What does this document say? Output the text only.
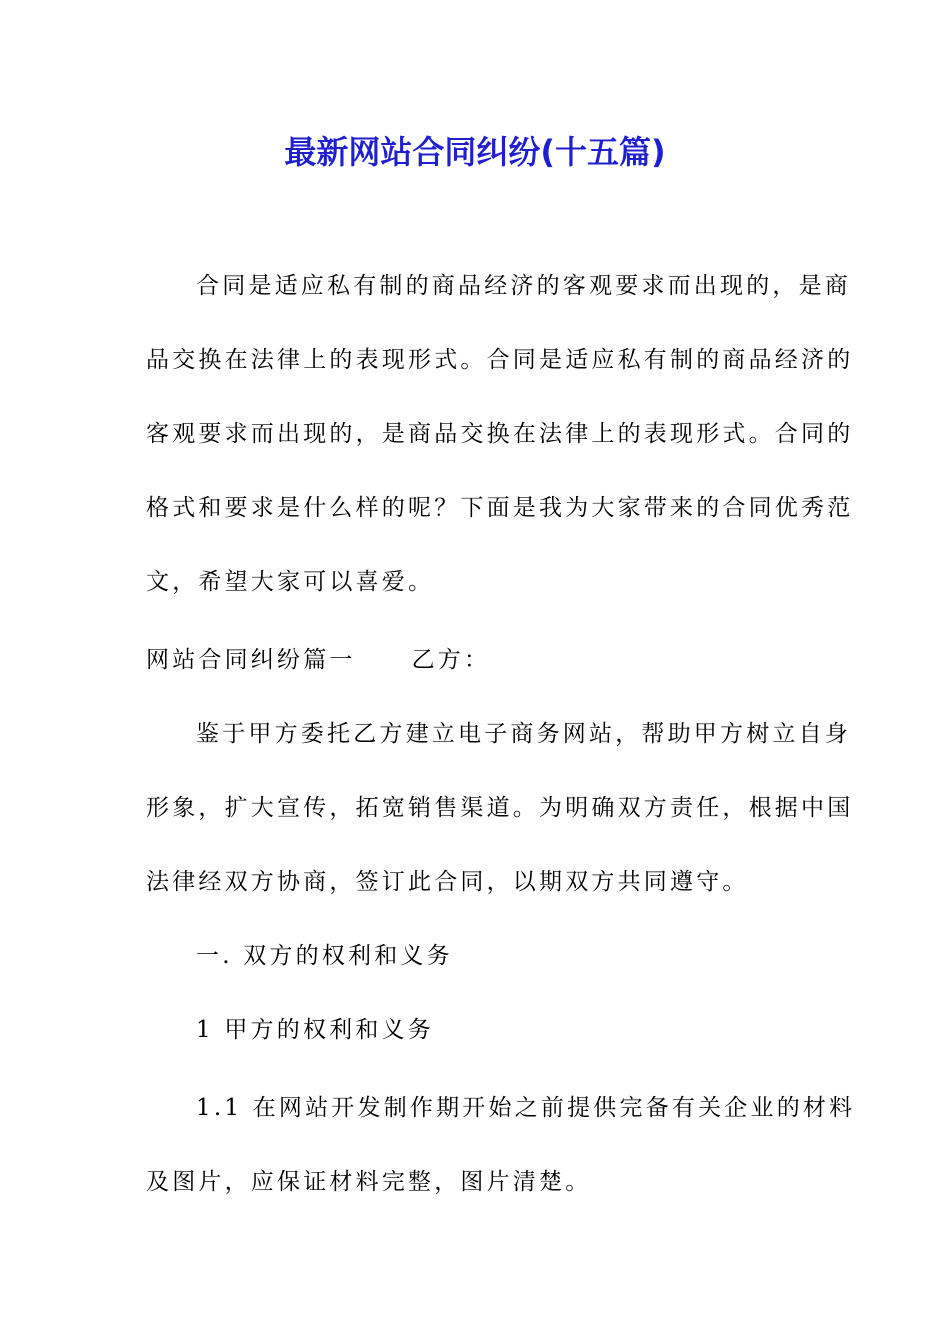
最新网站合同纠纷(十五篇)
合同是适应私有制的商品经济的客观要求而出现的，是商
品交换在法律上的表现形式。合同是适应私有制的商品经济的
客观要求而出现的，是商品交换在法律上的表现形式。合同的
格式和要求是什么样的呢？下面是我为大家带来的合同优秀范
文，希望大家可以喜爱。
网站合同纠纷篇一 乙方：
鉴于甲方委托乙方建立电子商务网站，帮助甲方树立自身
形象，扩大宣传，拓宽销售渠道。为明确双方责任，根据中国
法律经双方协商，签订此合同，以期双方共同遵守。
一. 双方的权利和义务
1 甲方的权利和义务
1.1 在网站开发制作期开始之前提供完备有关企业的材料
及图片，应保证材料完整，图片清楚。
